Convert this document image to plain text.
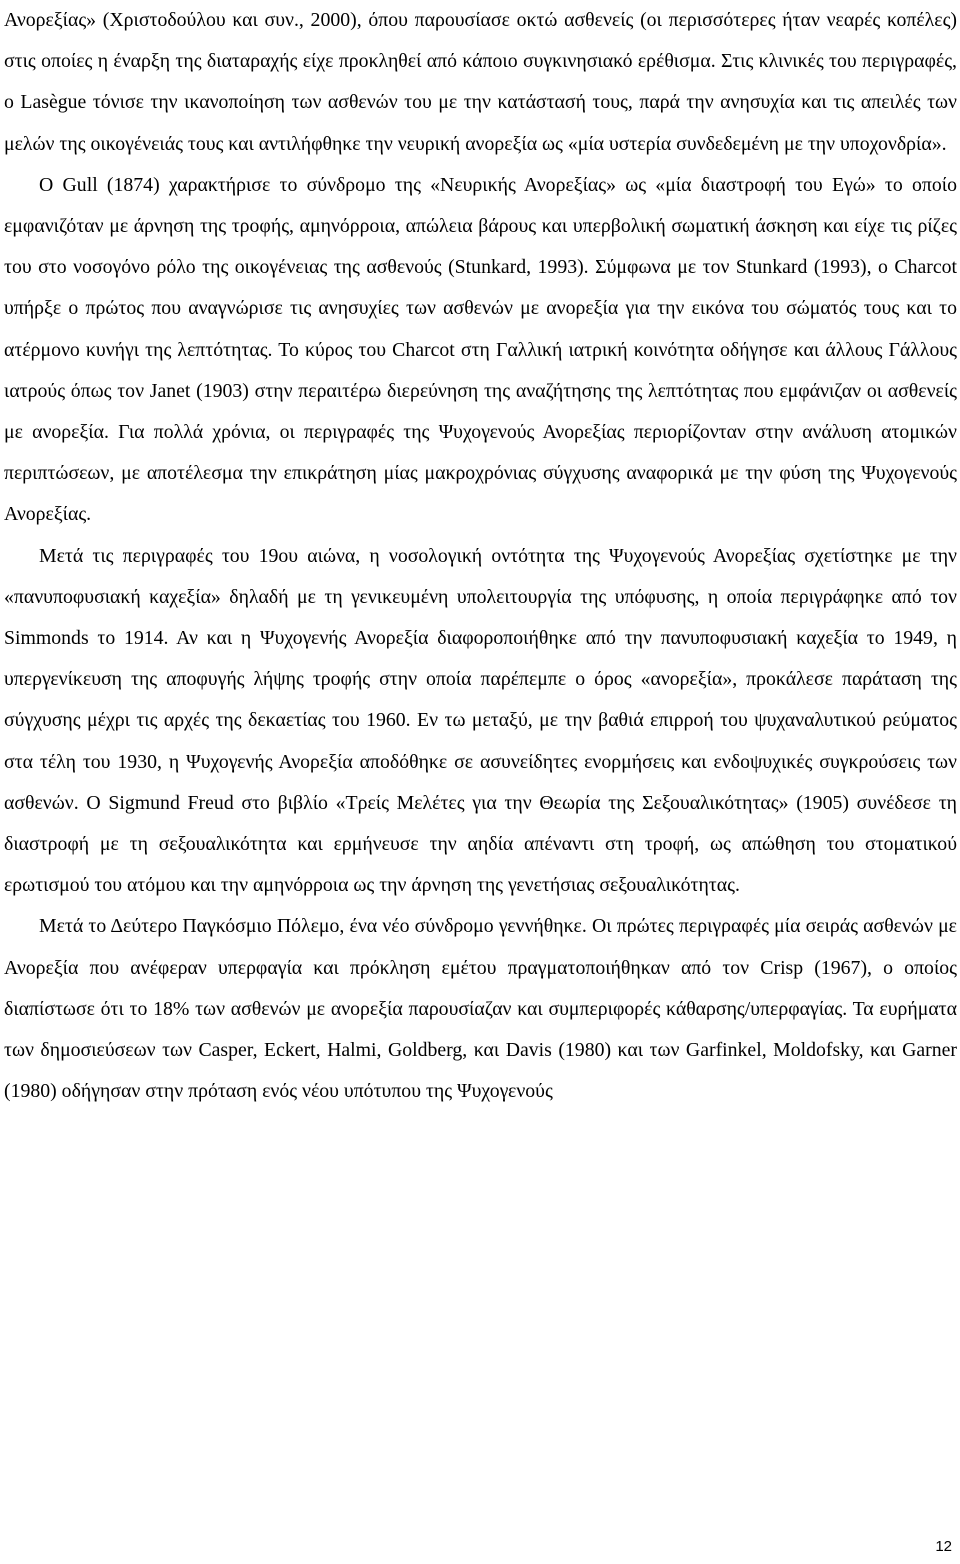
Ανορεξίας» (Χριστοδούλου και συν., 2000), όπου παρουσίασε οκτώ ασθενείς (οι περισσότερες ήταν νεαρές κοπέλες) στις οποίες η έναρξη της διαταραχής είχε προκληθεί από κάποιο συγκινησιακό ερέθισμα. Στις κλινικές του περιγραφές, ο Lasègue τόνισε την ικανοποίηση των ασθενών του με την κατάστασή τους, παρά την ανησυχία και τις απειλές των μελών της οικογένειάς τους και αντιλήφθηκε την νευρική ανορεξία ως «μία υστερία συνδεδεμένη με την υποχονδρία».

Ο Gull (1874) χαρακτήρισε το σύνδρομο της «Νευρικής Ανορεξίας» ως «μία διαστροφή του Εγώ» το οποίο εμφανιζόταν με άρνηση της τροφής, αμηνόρροια, απώλεια βάρους και υπερβολική σωματική άσκηση και είχε τις ρίζες του στο νοσογόνο ρόλο της οικογένειας της ασθενούς (Stunkard, 1993). Σύμφωνα με τον Stunkard (1993), ο Charcot υπήρξε ο πρώτος που αναγνώρισε τις ανησυχίες των ασθενών με ανορεξία για την εικόνα του σώματός τους και το ατέρμονο κυνήγι της λεπτότητας. Το κύρος του Charcot στη Γαλλική ιατρική κοινότητα οδήγησε και άλλους Γάλλους ιατρούς όπως τον Janet (1903) στην περαιτέρω διερεύνηση της αναζήτησης της λεπτότητας που εμφάνιζαν οι ασθενείς με ανορεξία. Για πολλά χρόνια, οι περιγραφές της Ψυχογενούς Ανορεξίας περιορίζονταν στην ανάλυση ατομικών περιπτώσεων, με αποτέλεσμα την επικράτηση μίας μακροχρόνιας σύγχυσης αναφορικά με την φύση της Ψυχογενούς Ανορεξίας.

Μετά τις περιγραφές του 19ου αιώνα, η νοσολογική οντότητα της Ψυχογενούς Ανορεξίας σχετίστηκε με την «πανυποφυσιακή καχεξία» δηλαδή με τη γενικευμένη υπολειτουργία της υπόφυσης, η οποία περιγράφηκε από τον Simmonds το 1914. Αν και η Ψυχογενής Ανορεξία διαφοροποιήθηκε από την πανυποφυσιακή καχεξία το 1949, η υπεργενίκευση της αποφυγής λήψης τροφής στην οποία παρέπεμπε ο όρος «ανορεξία», προκάλεσε παράταση της σύγχυσης μέχρι τις αρχές της δεκαετίας του 1960. Εν τω μεταξύ, με την βαθιά επιρροή του ψυχαναλυτικού ρεύματος στα τέλη του 1930, η Ψυχογενής Ανορεξία αποδόθηκε σε ασυνείδητες ενορμήσεις και ενδοψυχικές συγκρούσεις των ασθενών. Ο Sigmund Freud στο βιβλίο «Τρείς Μελέτες για την Θεωρία της Σεξουαλικότητας» (1905) συνέδεσε τη διαστροφή με τη σεξουαλικότητα και ερμήνευσε την αηδία απέναντι στη τροφή, ως απώθηση του στοματικού ερωτισμού του ατόμου και την αμηνόρροια ως την άρνηση της γενετήσιας σεξουαλικότητας.

Μετά το Δεύτερο Παγκόσμιο Πόλεμο, ένα νέο σύνδρομο γεννήθηκε. Οι πρώτες περιγραφές μία σειράς ασθενών με Ανορεξία που ανέφεραν υπερφαγία και πρόκληση εμέτου πραγματοποιήθηκαν από τον Crisp (1967), ο οποίος διαπίστωσε ότι το 18% των ασθενών με ανορεξία παρουσίαζαν και συμπεριφορές κάθαρσης/υπερφαγίας. Τα ευρήματα των δημοσιεύσεων των Casper, Eckert, Halmi, Goldberg, και Davis (1980) και των Garfinkel, Moldofsky, και Garner (1980) οδήγησαν στην πρόταση ενός νέου υπότυπου της Ψυχογενούς

12
